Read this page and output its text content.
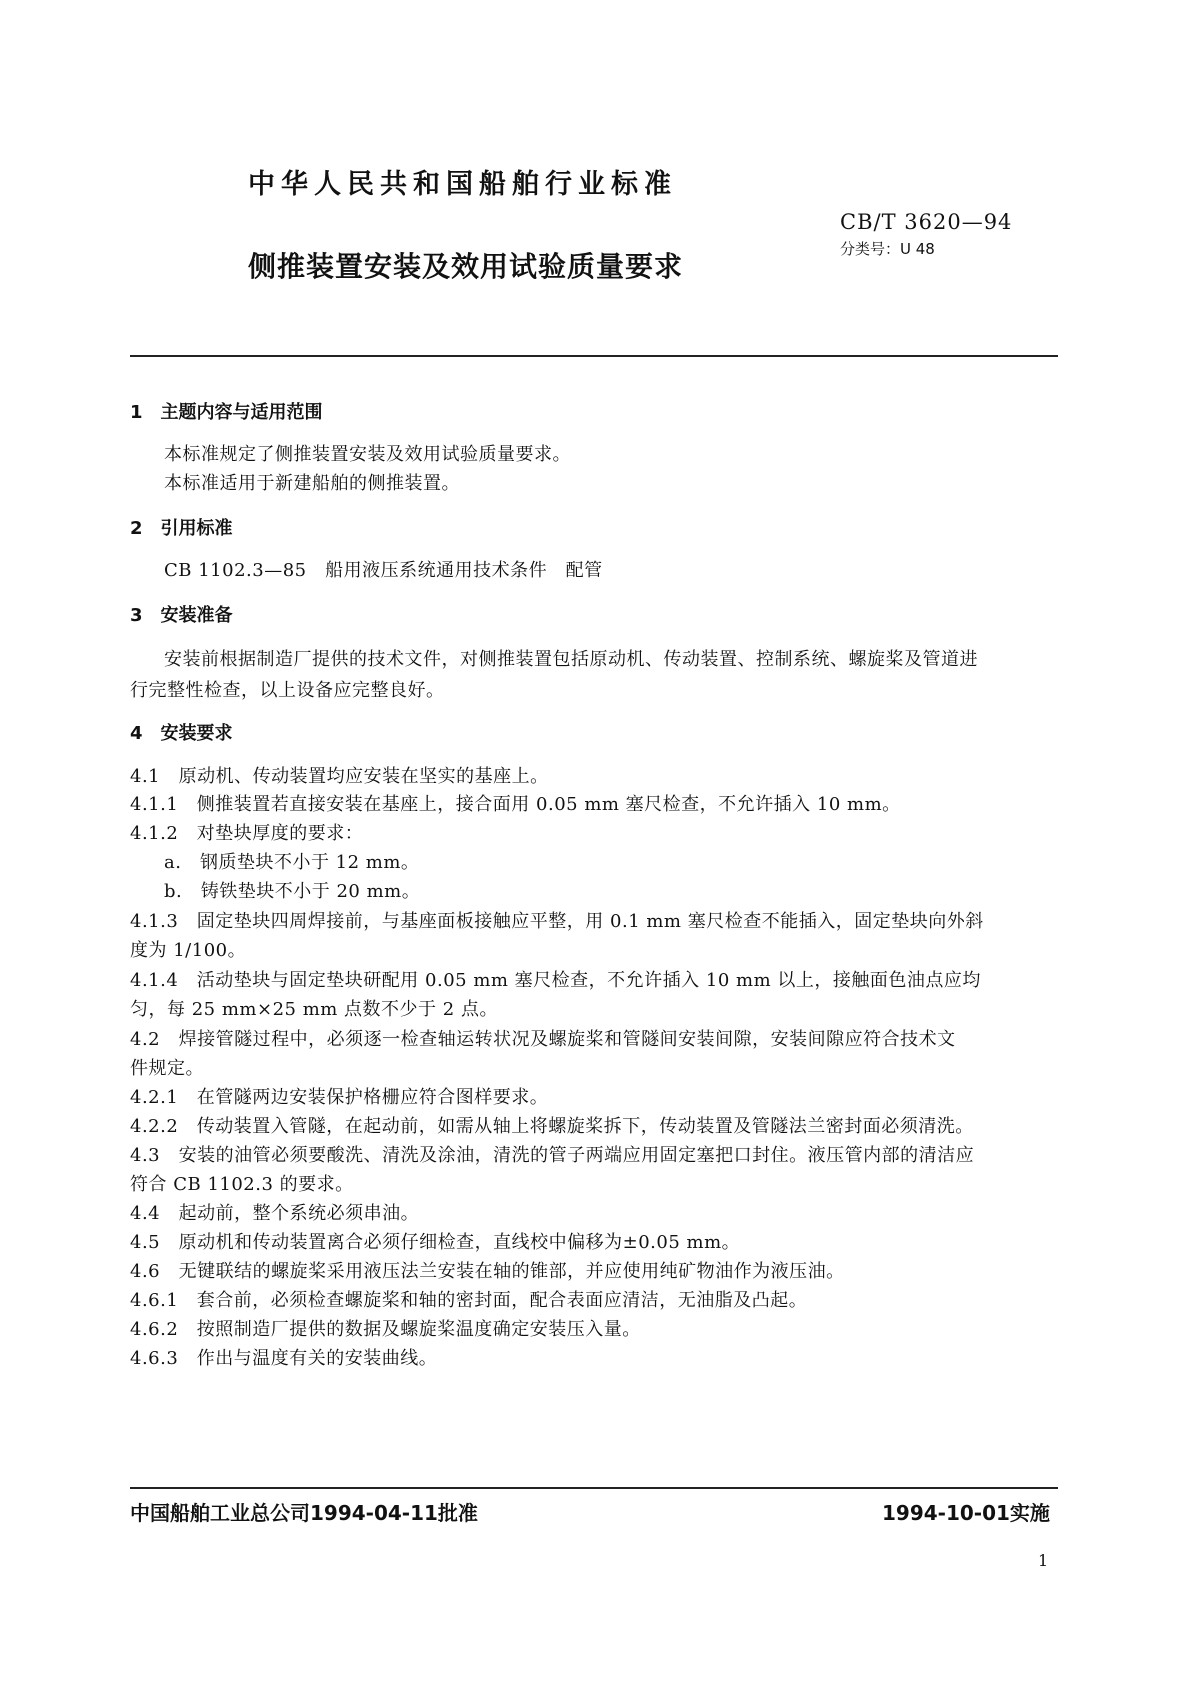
中华人民共和国船舶行业标准
CB/T 3620—94
分类号：U 48
侧推装置安装及效用试验质量要求
1　主题内容与适用范围
本标准规定了侧推装置安装及效用试验质量要求。
本标准适用于新建船舶的侧推装置。
2　引用标准
CB 1102.3—85　船用液压系统通用技术条件　配管
3　安装准备
安装前根据制造厂提供的技术文件，对侧推装置包括原动机、传动装置、控制系统、螺旋桨及管道进
行完整性检查，以上设备应完整良好。
4　安装要求
4.1　原动机、传动装置均应安装在坚实的基座上。
4.1.1　侧推装置若直接安装在基座上，接合面用 0.05 mm 塞尺检查，不允许插入 10 mm。
4.1.2　对垫块厚度的要求：
a.　钢质垫块不小于 12 mm。
b.　铸铁垫块不小于 20 mm。
4.1.3　固定垫块四周焊接前，与基座面板接触应平整，用 0.1 mm 塞尺检查不能插入，固定垫块向外斜
度为 1/100。
4.1.4　活动垫块与固定垫块研配用 0.05 mm 塞尺检查，不允许插入 10 mm 以上，接触面色油点应均
匀，每 25 mm×25 mm 点数不少于 2 点。
4.2　焊接管隧过程中，必须逐一检查轴运转状况及螺旋桨和管隧间安装间隙，安装间隙应符合技术文
件规定。
4.2.1　在管隧两边安装保护格栅应符合图样要求。
4.2.2　传动装置入管隧，在起动前，如需从轴上将螺旋桨拆下，传动装置及管隧法兰密封面必须清洗。
4.3　安装的油管必须要酸洗、清洗及涂油，清洗的管子两端应用固定塞把口封住。液压管内部的清洁应
符合 CB 1102.3 的要求。
4.4　起动前，整个系统必须串油。
4.5　原动机和传动装置离合必须仔细检查，直线校中偏移为±0.05 mm。
4.6　无键联结的螺旋桨采用液压法兰安装在轴的锥部，并应使用纯矿物油作为液压油。
4.6.1　套合前，必须检查螺旋桨和轴的密封面，配合表面应清洁，无油脂及凸起。
4.6.2　按照制造厂提供的数据及螺旋桨温度确定安装压入量。
4.6.3　作出与温度有关的安装曲线。
中国船舶工业总公司1994-04-11批准	1994-10-01实施
1
